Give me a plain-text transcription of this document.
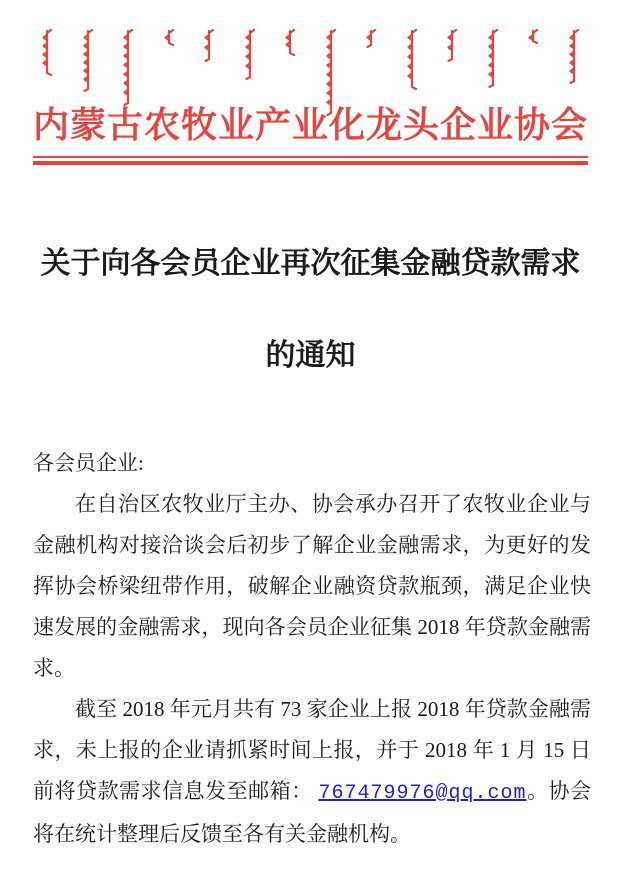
内蒙古农牧业产业化龙头企业协会
关于向各会员企业再次征集金融贷款需求
的通知

各会员企业:

在自治区农牧业厅主办、协会承办召开了农牧业企业与金融机构对接洽谈会后初步了解企业金融需求，为更好的发挥协会桥梁纽带作用，破解企业融资贷款瓶颈，满足企业快速发展的金融需求，现向各会员企业征集 2018 年贷款金融需求。

截至 2018 年元月共有 73 家企业上报 2018 年贷款金融需求，未上报的企业请抓紧时间上报，并于 2018 年 1 月 15 日前将贷款需求信息发至邮箱： 767479976@qq.com。协会将在统计整理后反馈至各有关金融机构。
